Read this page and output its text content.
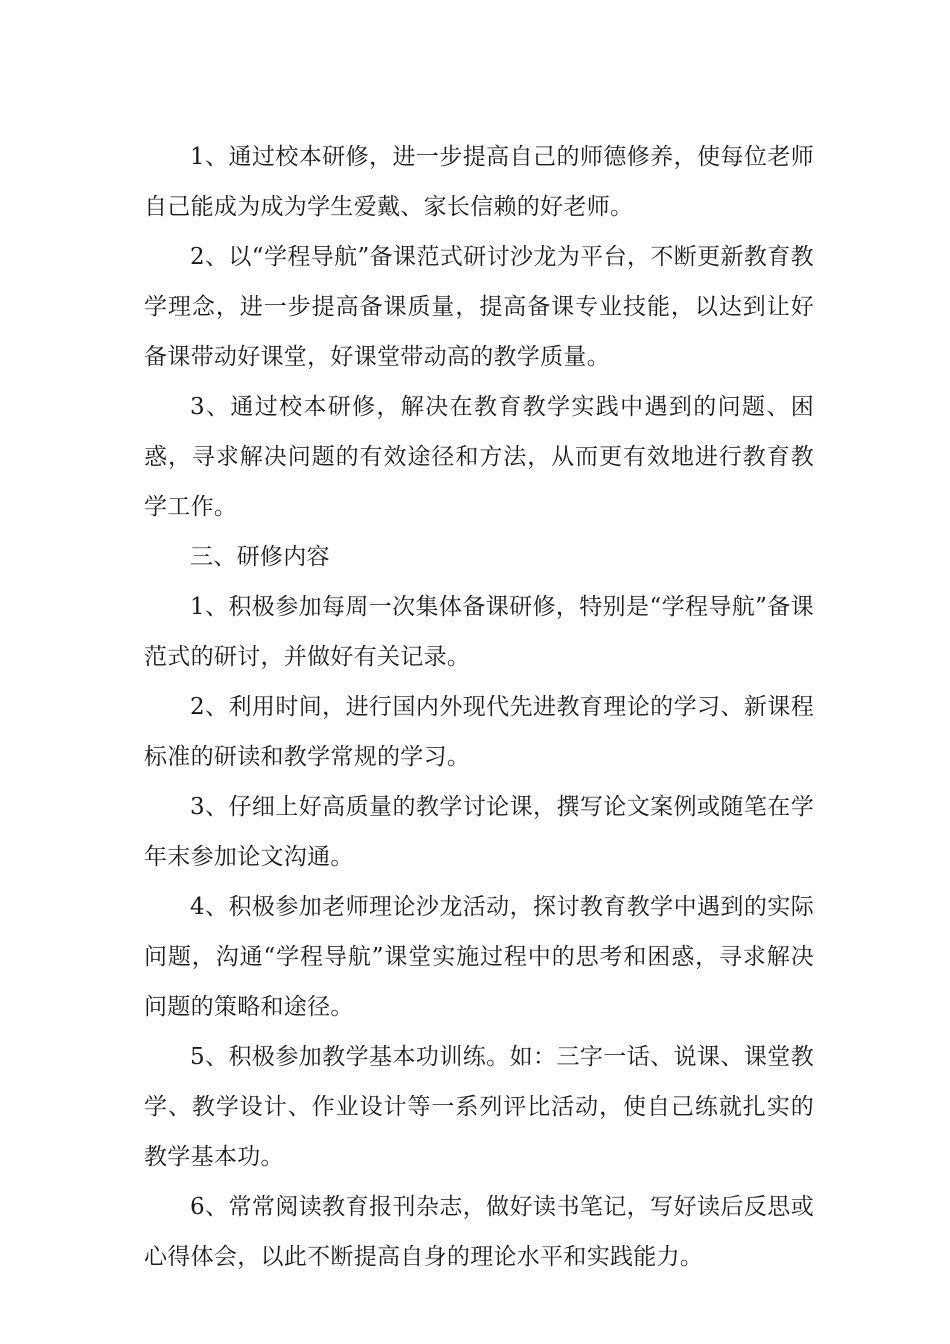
1、通过校本研修，进一步提高自己的师德修养，使每位老师自己能成为成为学生爱戴、家长信赖的好老师。

2、以“学程导航”备课范式研讨沙龙为平台，不断更新教育教学理念，进一步提高备课质量，提高备课专业技能，以达到让好备课带动好课堂，好课堂带动高的教学质量。

3、通过校本研修，解决在教育教学实践中遇到的问题、困惑，寻求解决问题的有效途径和方法，从而更有效地进行教育教学工作。

三、研修内容

1、积极参加每周一次集体备课研修，特别是“学程导航”备课范式的研讨，并做好有关记录。

2、利用时间，进行国内外现代先进教育理论的学习、新课程标准的研读和教学常规的学习。

3、仔细上好高质量的教学讨论课，撰写论文案例或随笔在学年末参加论文沟通。

4、积极参加老师理论沙龙活动，探讨教育教学中遇到的实际问题，沟通“学程导航”课堂实施过程中的思考和困惑，寻求解决问题的策略和途径。

5、积极参加教学基本功训练。如：三字一话、说课、课堂教学、教学设计、作业设计等一系列评比活动，使自己练就扎实的教学基本功。

6、常常阅读教育报刊杂志，做好读书笔记，写好读后反思或心得体会，以此不断提高自身的理论水平和实践能力。
